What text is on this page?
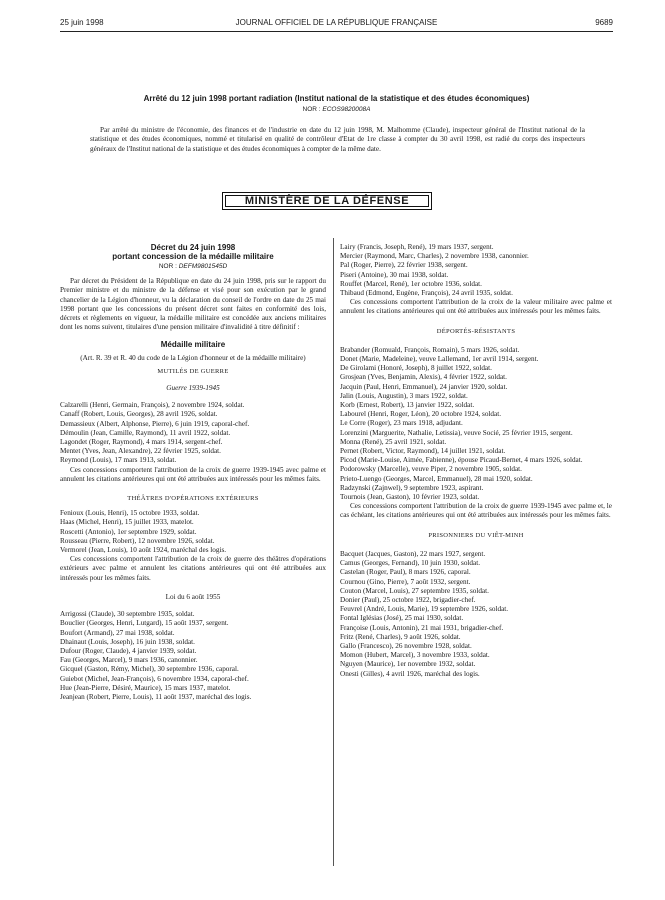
25 juin 1998	JOURNAL OFFICIEL DE LA RÉPUBLIQUE FRANÇAISE	9689
Arrêté du 12 juin 1998 portant radiation (Institut national de la statistique et des études économiques)
NOR : ECOS9820008A

Par arrêté du ministre de l'économie, des finances et de l'industrie en date du 12 juin 1998, M. Malhomme (Claude), inspecteur général de l'Institut national de la statistique et des études économiques, nommé et titularisé en qualité de contrôleur d'Etat de 1re classe à compter du 30 avril 1998, est radié du corps des inspecteurs généraux de l'Institut national de la statistique et des études économiques à compter de la même date.

MINISTÈRE DE LA DÉFENSE

Décret du 24 juin 1998

portant concession de la médaille militaire

NOR : DEFM9801545D

Par décret du Président de la République en date du 24 juin 1998, pris sur le rapport du Premier ministre et du ministre de la défense et visé pour son exécution par le grand chancelier de la Légion d'honneur, vu la déclaration du conseil de l'ordre en date du 25 mai 1998 portant que les concessions du présent décret sont faites en conformité des lois, décrets et règlements en vigueur, la médaille militaire est concédée aux anciens militaires dont les noms suivent, titulaires d'une pension militaire d'invalidité à titre définitif :

Médaille militaire

(Art. R. 39 et R. 40 du code de la Légion d'honneur et de la médaille militaire)

MUTILÉS DE GUERRE

Guerre 1939-1945

Calzarelli (Henri, Germain, François), 2 novembre 1924, soldat.

Canaff (Robert, Louis, Georges), 28 avril 1926, soldat.

Demassieux (Albert, Alphonse, Pierre), 6 juin 1919, caporal-chef.

Démoulin (Jean, Camille, Raymond), 11 avril 1922, soldat.

Lagondet (Roger, Raymond), 4 mars 1914, sergent-chef.

Mentet (Yves, Jean, Alexandre), 22 février 1925, soldat.

Reymond (Louis), 17 mars 1913, soldat.

Ces concessions comportent l'attribution de la croix de guerre 1939-1945 avec palme et annulent les citations antérieures qui ont été attribuées aux intéressés pour les mêmes faits.

THÉÂTRES D'OPÉRATIONS EXTÉRIEURS

Fenioux (Louis, Henri), 15 octobre 1933, soldat.

Haas (Michel, Henri), 15 juillet 1933, matelot.

Roscetti (Antonio), 1er septembre 1929, soldat.

Rousseau (Pierre, Robert), 12 novembre 1926, soldat.

Vermorel (Jean, Louis), 10 août 1924, maréchal des logis.

Ces concessions comportent l'attribution de la croix de guerre des théâtres d'opérations extérieurs avec palme et annulent les citations antérieures qui ont été attribuées aux intéressés pour les mêmes faits.

Loi du 6 août 1955

Arrigossi (Claude), 30 septembre 1935, soldat.

Bouclier (Georges, Henri, Lutgard), 15 août 1937, sergent.

Boufort (Armand), 27 mai 1938, soldat.

Dhainaut (Louis, Joseph), 16 juin 1938, soldat.

Dufour (Roger, Claude), 4 janvier 1939, soldat.

Fau (Georges, Marcel), 9 mars 1936, canonnier.

Gicquel (Gaston, Rémy, Michel), 30 septembre 1936, caporal.

Guiebot (Michel, Jean-François), 6 novembre 1934, caporal-chef.

Hue (Jean-Pierre, Désiré, Maurice), 15 mars 1937, matelot.

Jeanjean (Robert, Pierre, Louis), 11 août 1937, maréchal des logis.

Lairy (Francis, Joseph, René), 19 mars 1937, sergent.

Mercier (Raymond, Marc, Charles), 2 novembre 1938, canonnier.

Pal (Roger, Pierre), 22 février 1938, sergent.

Piseri (Antoine), 30 mai 1938, soldat.

Rouffet (Marcel, René), 1er octobre 1936, soldat.

Thibaud (Edmond, Eugène, François), 24 avril 1935, soldat.

Ces concessions comportent l'attribution de la croix de la valeur militaire avec palme et annulent les citations antérieures qui ont été attribuées aux intéressés pour les mêmes faits.

DÉPORTÉS-RÉSISTANTS

Brabander (Romuald, François, Romain), 5 mars 1926, soldat.

Donet (Marie, Madeleine), veuve Lallemand, 1er avril 1914, sergent.

De Girolami (Honoré, Joseph), 8 juillet 1922, soldat.

Grosjean (Yves, Benjamin, Alexis), 4 février 1922, soldat.

Jacquin (Paul, Henri, Emmanuel), 24 janvier 1920, soldat.

Jalin (Louis, Augustin), 3 mars 1922, soldat.

Korb (Ernest, Robert), 13 janvier 1922, soldat.

Labourel (Henri, Roger, Léon), 20 octobre 1924, soldat.

Le Corre (Roger), 23 mars 1918, adjudant.

Lorenzini (Marguerite, Nathalie, Letissia), veuve Socié, 25 février 1915, sergent.

Monna (René), 25 avril 1921, soldat.

Pernet (Robert, Victor, Raymond), 14 juillet 1921, soldat.

Picod (Marie-Louise, Aimée, Fabienne), épouse Picaud-Bernet, 4 mars 1926, soldat.

Podorowsky (Marcelle), veuve Piper, 2 novembre 1905, soldat.

Prieto-Luengo (Georges, Marcel, Emmanuel), 28 mai 1920, soldat.

Radzynski (Zajnwel), 9 septembre 1923, aspirant.

Tournois (Jean, Gaston), 10 février 1923, soldat.

Ces concessions comportent l'attribution de la croix de guerre 1939-1945 avec palme et, le cas échéant, les citations antérieures qui ont été attribuées aux intéressés pour les mêmes faits.

PRISONNIERS DU VIÊT-MINH

Bacquet (Jacques, Gaston), 22 mars 1927, sergent.

Camus (Georges, Fernand), 10 juin 1930, soldat.

Castelan (Roger, Paul), 8 mars 1926, caporal.

Cournou (Gino, Pierre), 7 août 1932, sergent.

Couton (Marcel, Louis), 27 septembre 1935, soldat.

Donier (Paul), 25 octobre 1922, brigadier-chef.

Feuvrel (André, Louis, Marie), 19 septembre 1926, soldat.

Fontal Iglésias (José), 25 mai 1930, soldat.

Françoise (Louis, Antonin), 21 mai 1931, brigadier-chef.

Fritz (René, Charles), 9 août 1926, soldat.

Gallo (Francesco), 26 novembre 1928, soldat.

Momon (Hubert, Marcel), 3 novembre 1933, soldat.

Nguyen (Maurice), 1er novembre 1932, soldat.

Onesti (Gilles), 4 avril 1926, maréchal des logis.
